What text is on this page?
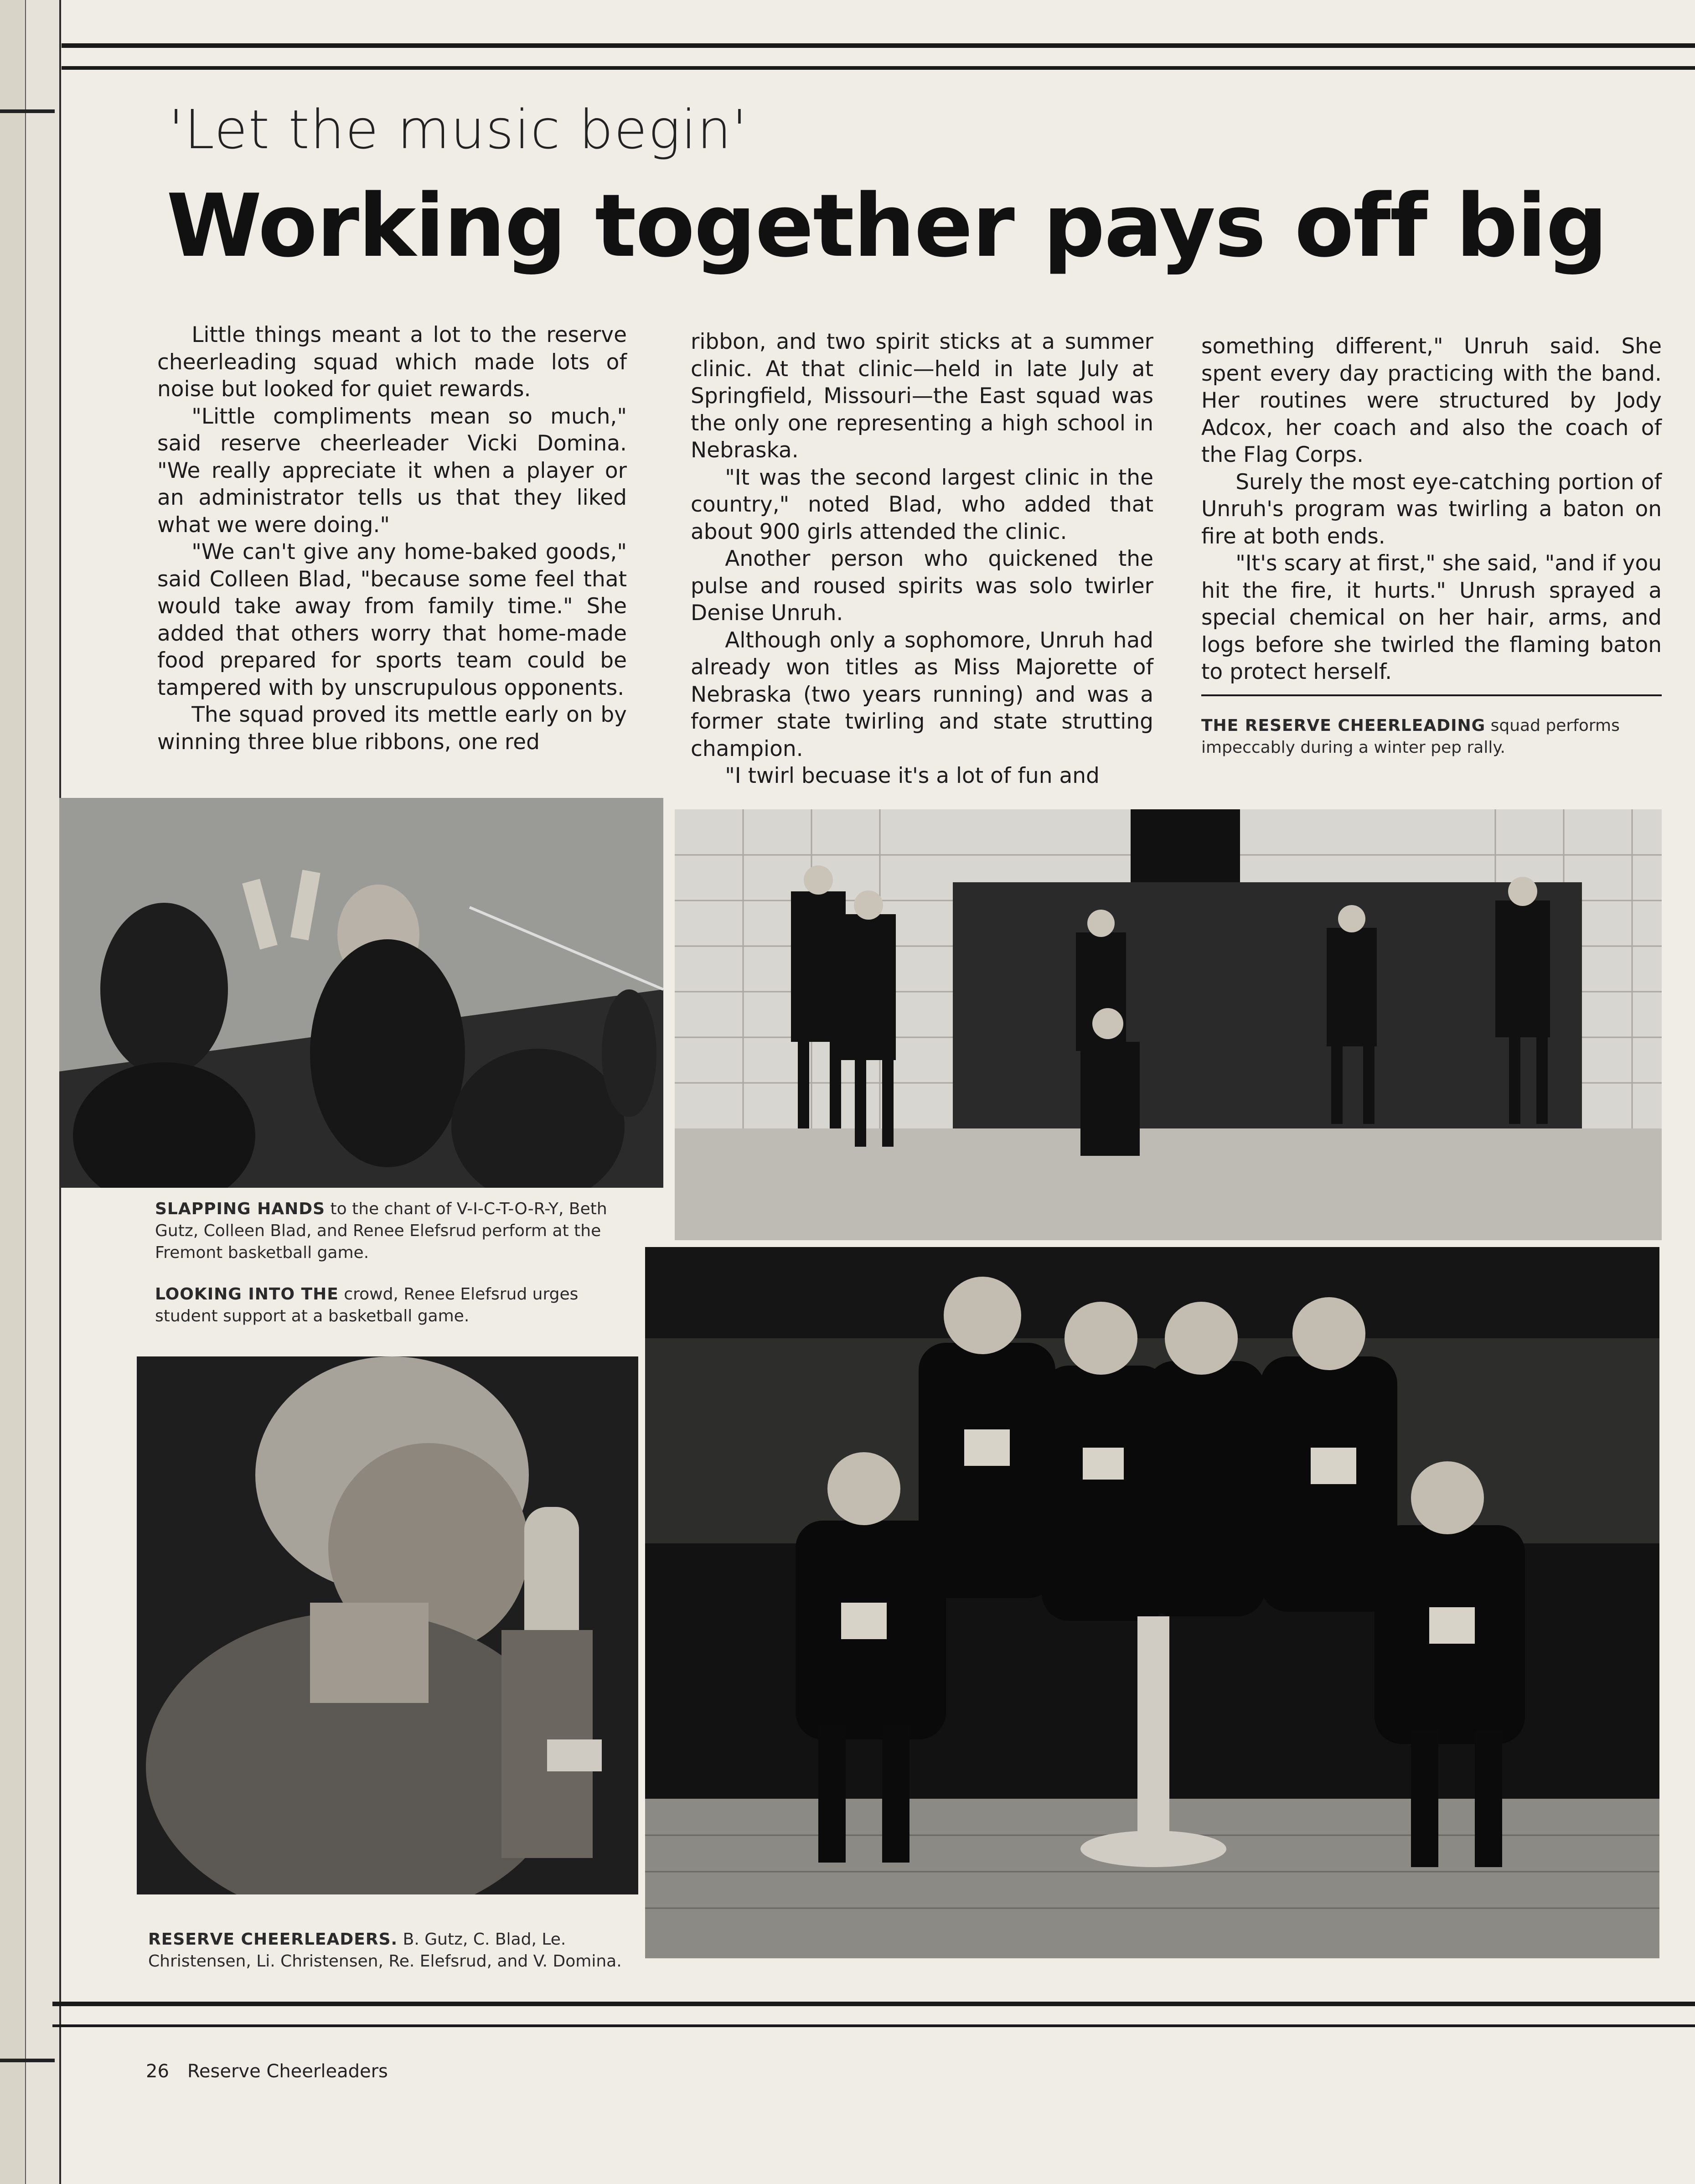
'Let the music begin'
Working together pays off big

Little things meant a lot to the reserve cheerleading squad which made lots of noise but looked for quiet rewards.

"Little compliments mean so much," said reserve cheerleader Vicki Domina. "We really appreciate it when a player or an administrator tells us that they liked what we were doing."

"We can't give any home-baked goods," said Colleen Blad, "because some feel that would take away from family time." She added that others worry that home-made food prepared for sports team could be tampered with by unscrupulous opponents.

The squad proved its mettle early on by winning three blue ribbons, one red

ribbon, and two spirit sticks at a summer clinic. At that clinic—held in late July at Springfield, Missouri—the East squad was the only one representing a high school in Nebraska.

"It was the second largest clinic in the country," noted Blad, who added that about 900 girls attended the clinic.

Another person who quickened the pulse and roused spirits was solo twirler Denise Unruh.

Although only a sophomore, Unruh had already won titles as Miss Majorette of Nebraska (two years running) and was a former state twirling and state strutting champion.

"I twirl becuase it's a lot of fun and

something different," Unruh said. She spent every day practicing with the band. Her routines were structured by Jody Adcox, her coach and also the coach of the Flag Corps.

Surely the most eye-catching portion of Unruh's program was twirling a baton on fire at both ends.

"It's scary at first," she said, "and if you hit the fire, it hurts." Unrush sprayed a special chemical on her hair, arms, and logs before she twirled the flaming baton to protect herself.

THE RESERVE CHEERLEADING squad performs impeccably during a winter pep rally.
SLAPPING HANDS to the chant of V-I-C-T-O-R-Y, Beth Gutz, Colleen Blad, and Renee Elefsrud perform at the Fremont basketball game.
LOOKING INTO THE crowd, Renee Elefsrud urges student support at a basketball game.
RESERVE CHEERLEADERS. B. Gutz, C. Blad, Le. Christensen, Li. Christensen, Re. Elefsrud, and V. Domina.
26 Reserve Cheerleaders
